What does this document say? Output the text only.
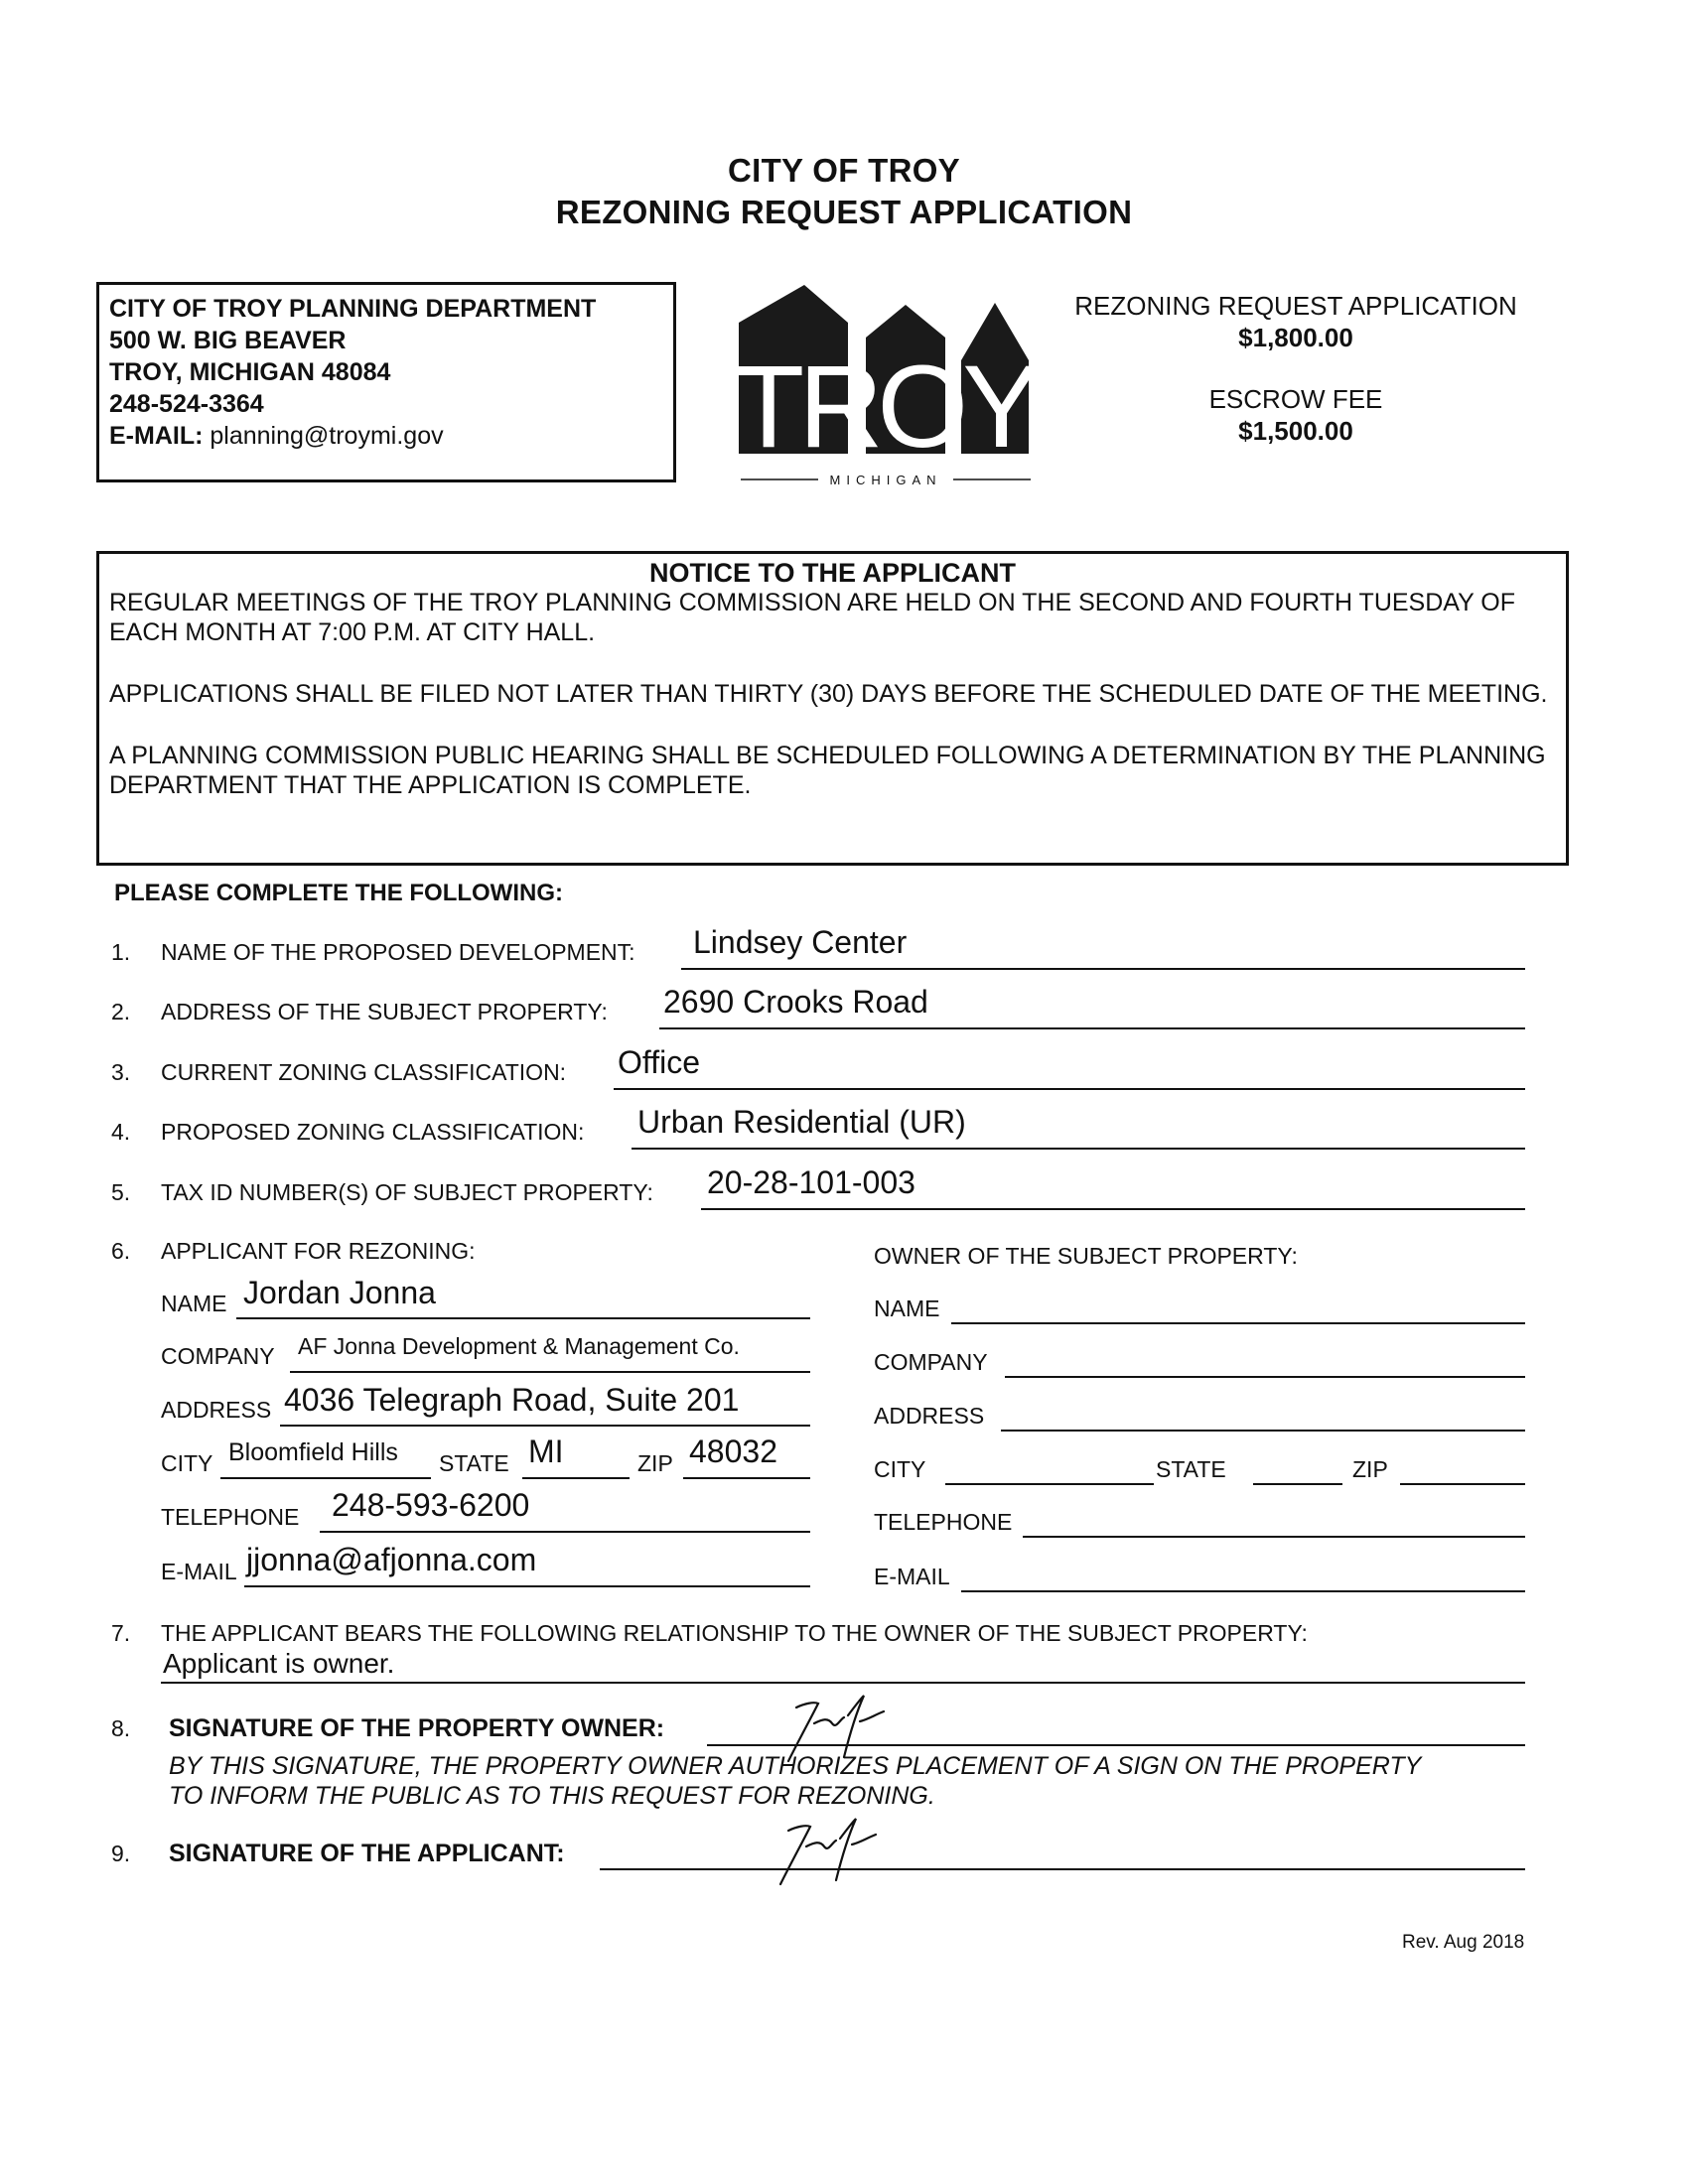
CITY OF TROY
REZONING REQUEST APPLICATION
CITY OF TROY PLANNING DEPARTMENT
500 W. BIG BEAVER
TROY, MICHIGAN 48084
248-524-3364
E-MAIL: planning@troymi.gov	TROY
MICHIGAN
REZONING REQUEST APPLICATION
$1,800.00
ESCROW FEE
$1,500.00
NOTICE TO THE APPLICANT

REGULAR MEETINGS OF THE TROY PLANNING COMMISSION ARE HELD ON THE SECOND AND FOURTH TUESDAY OF EACH MONTH AT 7:00 P.M. AT CITY HALL.

APPLICATIONS SHALL BE FILED NOT LATER THAN THIRTY (30) DAYS BEFORE THE SCHEDULED DATE OF THE MEETING.

A PLANNING COMMISSION PUBLIC HEARING SHALL BE SCHEDULED FOLLOWING A DETERMINATION BY THE PLANNING DEPARTMENT THAT THE APPLICATION IS COMPLETE.

PLEASE COMPLETE THE FOLLOWING:
1. NAME OF THE PROPOSED DEVELOPMENT: Lindsey Center
2. ADDRESS OF THE SUBJECT PROPERTY: 2690 Crooks Road
3. CURRENT ZONING CLASSIFICATION: Office
4. PROPOSED ZONING CLASSIFICATION: Urban Residential (UR)
5. TAX ID NUMBER(S) OF SUBJECT PROPERTY: 20-28-101-003
6. APPLICANT FOR REZONING:
NAME Jordan Jonna
COMPANY AF Jonna Development & Management Co.
ADDRESS 4036 Telegraph Road, Suite 201
CITY Bloomfield Hills STATE MI	ZIP 48032
TELEPHONE 248-593-6200
E-MAIL jjonna@afjonna.com
OWNER OF THE SUBJECT PROPERTY:
NAME
COMPANY
ADDRESS
CITY	STATE	ZIP
TELEPHONE
E-MAIL
7. THE APPLICANT BEARS THE FOLLOWING RELATIONSHIP TO THE OWNER OF THE SUBJECT PROPERTY:
Applicant is owner.
8. SIGNATURE OF THE PROPERTY OWNER:
BY THIS SIGNATURE, THE PROPERTY OWNER AUTHORIZES PLACEMENT OF A SIGN ON THE PROPERTY
TO INFORM THE PUBLIC AS TO THIS REQUEST FOR REZONING.
9. SIGNATURE OF THE APPLICANT:
Rev. Aug 2018
